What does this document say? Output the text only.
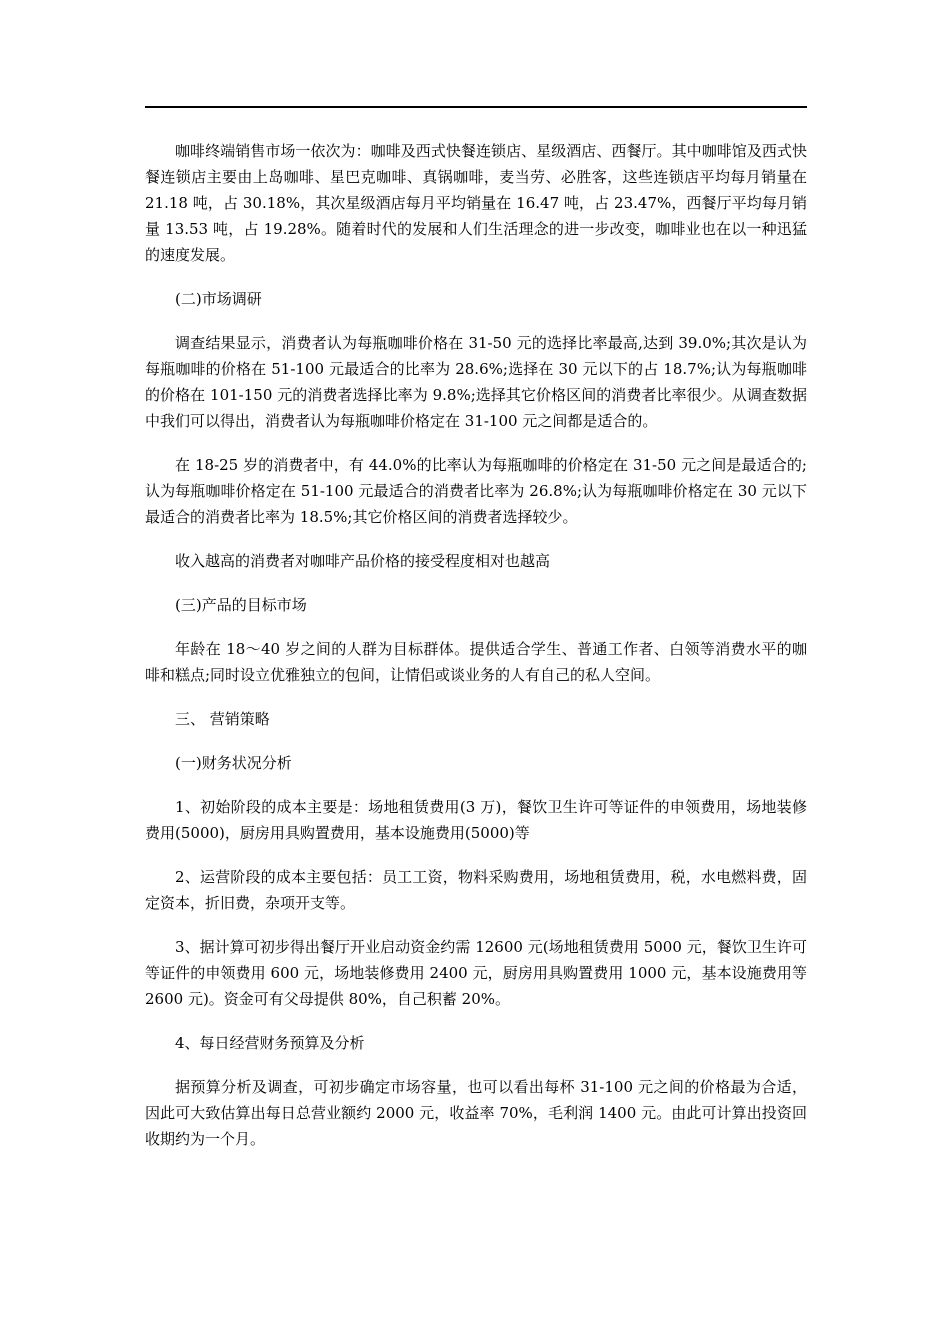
咖啡终端销售市场一依次为：咖啡及西式快餐连锁店、星级酒店、西餐厅。其中咖啡馆及西式快餐连锁店主要由上岛咖啡、星巴克咖啡、真锅咖啡，麦当劳、必胜客，这些连锁店平均每月销量在 21.18 吨，占 30.18%，其次星级酒店每月平均销量在 16.47 吨，占 23.47%，西餐厅平均每月销量 13.53 吨，占 19.28%。随着时代的发展和人们生活理念的进一步改变，咖啡业也在以一种迅猛的速度发展。

(二)市场调研

调查结果显示，消费者认为每瓶咖啡价格在 31-50 元的选择比率最高,达到 39.0%;其次是认为每瓶咖啡的价格在 51-100 元最适合的比率为 28.6%;选择在 30 元以下的占 18.7%;认为每瓶咖啡的价格在 101-150 元的消费者选择比率为 9.8%;选择其它价格区间的消费者比率很少。从调查数据中我们可以得出，消费者认为每瓶咖啡价格定在 31-100 元之间都是适合的。

在 18-25 岁的消费者中，有 44.0%的比率认为每瓶咖啡的价格定在 31-50 元之间是最适合的;认为每瓶咖啡价格定在 51-100 元最适合的消费者比率为 26.8%;认为每瓶咖啡价格定在 30 元以下最适合的消费者比率为 18.5%;其它价格区间的消费者选择较少。

收入越高的消费者对咖啡产品价格的接受程度相对也越高

(三)产品的目标市场

年龄在 18～40 岁之间的人群为目标群体。提供适合学生、普通工作者、白领等消费水平的咖啡和糕点;同时设立优雅独立的包间，让情侣或谈业务的人有自己的私人空间。

三、 营销策略

(一)财务状况分析

1、初始阶段的成本主要是：场地租赁费用(3 万)，餐饮卫生许可等证件的申领费用，场地装修费用(5000)，厨房用具购置费用，基本设施费用(5000)等

2、运营阶段的成本主要包括：员工工资，物料采购费用，场地租赁费用，税，水电燃料费，固定资本，折旧费，杂项开支等。

3、据计算可初步得出餐厅开业启动资金约需 12600 元(场地租赁费用 5000 元，餐饮卫生许可等证件的申领费用 600 元，场地装修费用 2400 元，厨房用具购置费用 1000 元，基本设施费用等 2600 元)。资金可有父母提供 80%，自己积蓄 20%。

4、每日经营财务预算及分析

据预算分析及调查，可初步确定市场容量，也可以看出每杯 31-100 元之间的价格最为合适，因此可大致估算出每日总营业额约 2000 元，收益率 70%，毛利润 1400 元。由此可计算出投资回收期约为一个月。
